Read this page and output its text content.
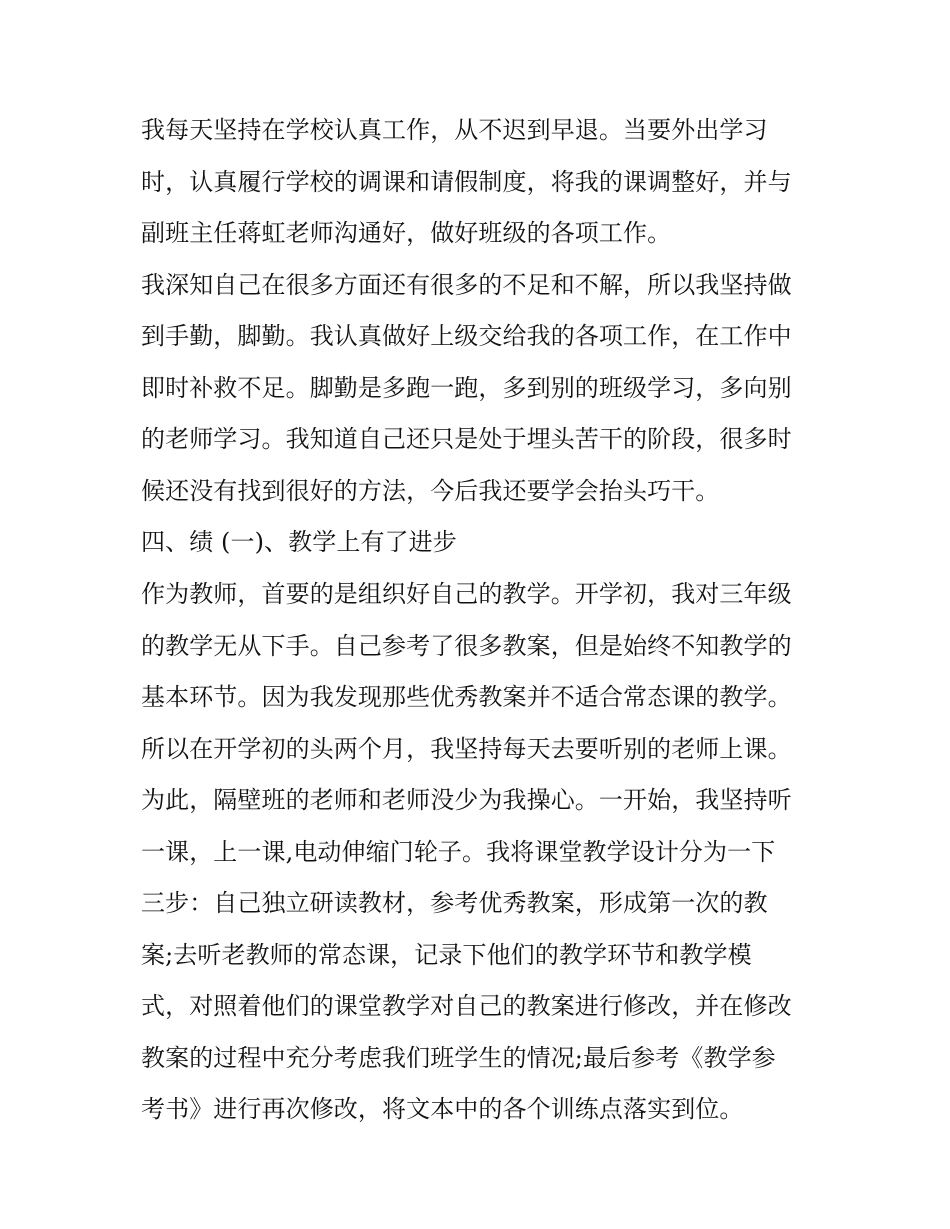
我每天坚持在学校认真工作，从不迟到早退。当要外出学习
时，认真履行学校的调课和请假制度，将我的课调整好，并与
副班主任蒋虹老师沟通好，做好班级的各项工作。
我深知自己在很多方面还有很多的不足和不解，所以我坚持做
到手勤，脚勤。我认真做好上级交给我的各项工作，在工作中
即时补救不足。脚勤是多跑一跑，多到别的班级学习，多向别
的老师学习。我知道自己还只是处于埋头苦干的阶段，很多时
候还没有找到很好的方法，今后我还要学会抬头巧干。
四、绩 (一)、教学上有了进步
作为教师，首要的是组织好自己的教学。开学初，我对三年级
的教学无从下手。自己参考了很多教案，但是始终不知教学的
基本环节。因为我发现那些优秀教案并不适合常态课的教学。
所以在开学初的头两个月，我坚持每天去要听别的老师上课。
为此，隔壁班的老师和老师没少为我操心。一开始，我坚持听
一课，上一课,电动伸缩门轮子。我将课堂教学设计分为一下
三步：自己独立研读教材，参考优秀教案，形成第一次的教
案;去听老教师的常态课，记录下他们的教学环节和教学模
式，对照着他们的课堂教学对自己的教案进行修改，并在修改
教案的过程中充分考虑我们班学生的情况;最后参考《教学参
考书》进行再次修改，将文本中的各个训练点落实到位。
